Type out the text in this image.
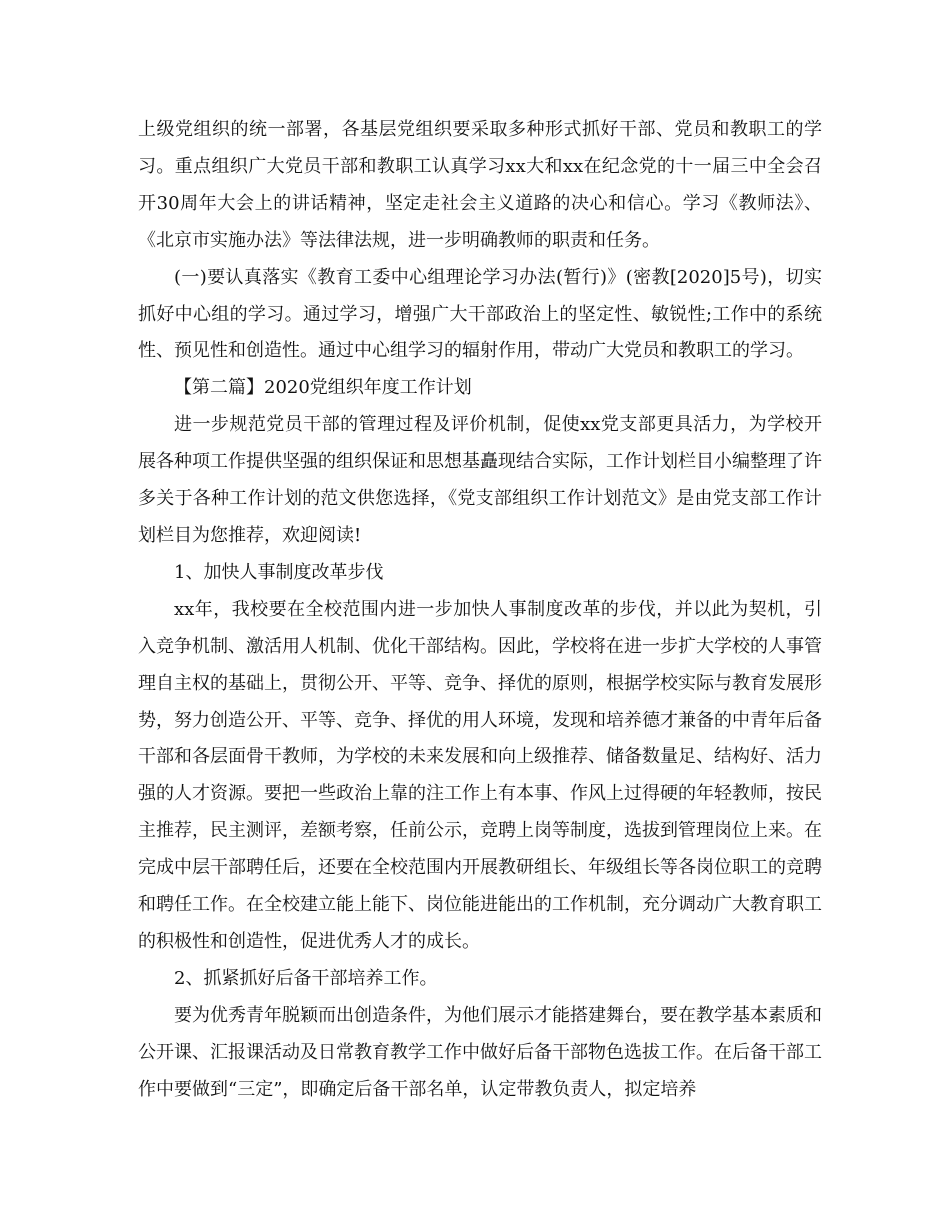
上级党组织的统一部署，各基层党组织要采取多种形式抓好干部、党员和教职工的学习。重点组织广大党员干部和教职工认真学习xx大和xx在纪念党的十一届三中全会召开30周年大会上的讲话精神，坚定走社会主义道路的决心和信心。学习《教师法》、《北京市实施办法》等法律法规，进一步明确教师的职责和任务。

(一)要认真落实《教育工委中心组理论学习办法(暂行)》(密教[2020]5号)，切实抓好中心组的学习。通过学习，增强广大干部政治上的坚定性、敏锐性;工作中的系统性、预见性和创造性。通过中心组学习的辐射作用，带动广大党员和教职工的学习。

【第二篇】2020党组织年度工作计划

进一步规范党员干部的管理过程及评价机制，促使xx党支部更具活力，为学校开展各种项工作提供坚强的组织保证和思想基矗现结合实际，工作计划栏目小编整理了许多关于各种工作计划的范文供您选择，《党支部组织工作计划范文》是由党支部工作计划栏目为您推荐，欢迎阅读!

1、加快人事制度改革步伐

xx年，我校要在全校范围内进一步加快人事制度改革的步伐，并以此为契机，引入竞争机制、激活用人机制、优化干部结构。因此，学校将在进一步扩大学校的人事管理自主权的基础上，贯彻公开、平等、竞争、择优的原则，根据学校实际与教育发展形势，努力创造公开、平等、竞争、择优的用人环境，发现和培养德才兼备的中青年后备干部和各层面骨干教师，为学校的未来发展和向上级推荐、储备数量足、结构好、活力强的人才资源。要把一些政治上靠的注工作上有本事、作风上过得硬的年轻教师，按民主推荐，民主测评，差额考察，任前公示，竞聘上岗等制度，选拔到管理岗位上来。在完成中层干部聘任后，还要在全校范围内开展教研组长、年级组长等各岗位职工的竞聘和聘任工作。在全校建立能上能下、岗位能进能出的工作机制，充分调动广大教育职工的积极性和创造性，促进优秀人才的成长。

2、抓紧抓好后备干部培养工作。

要为优秀青年脱颖而出创造条件，为他们展示才能搭建舞台，要在教学基本素质和公开课、汇报课活动及日常教育教学工作中做好后备干部物色选拔工作。在后备干部工作中要做到“三定”，即确定后备干部名单，认定带教负责人，拟定培养
